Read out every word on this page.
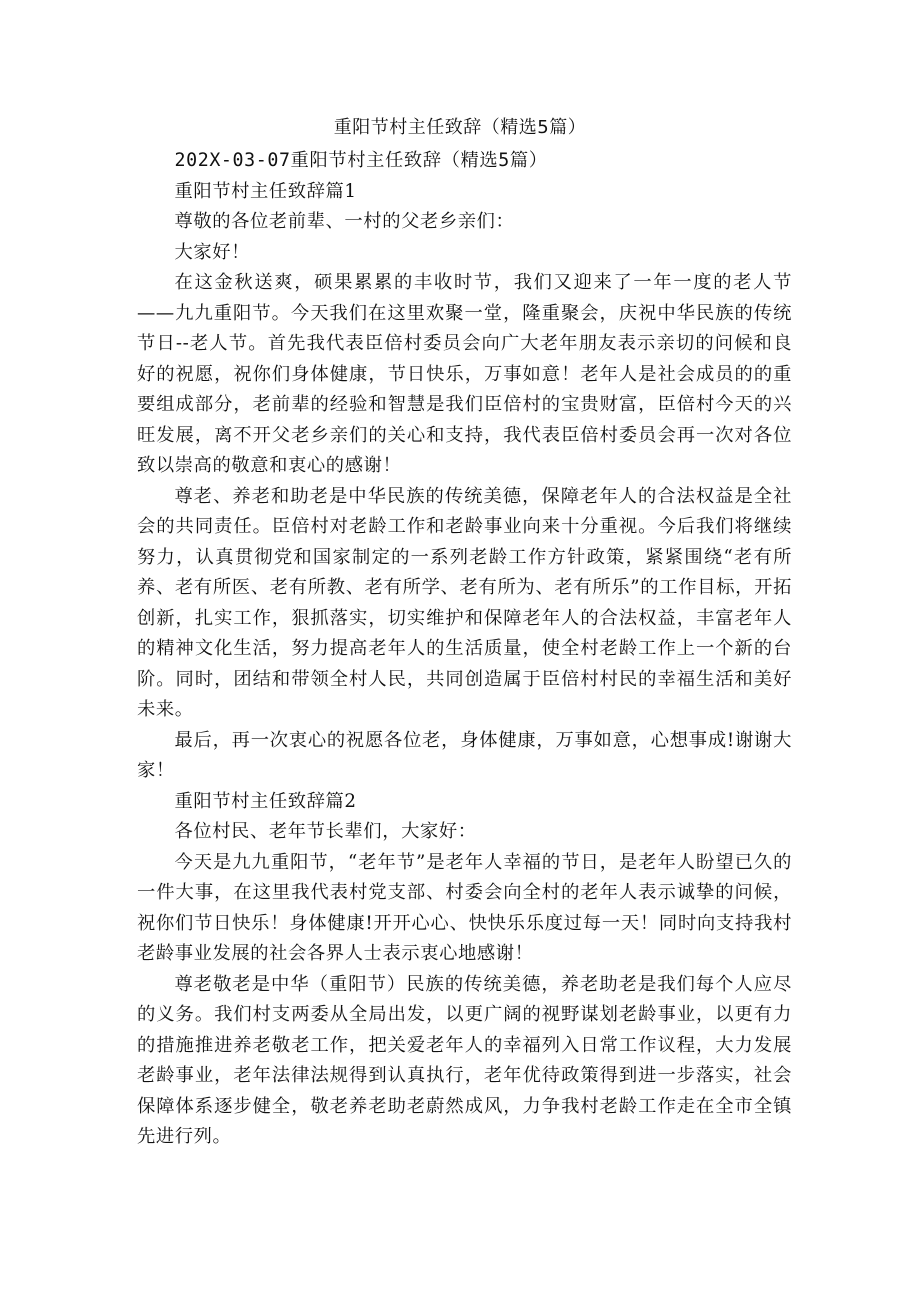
重阳节村主任致辞（精选5篇）

202X-03-07重阳节村主任致辞（精选5篇）

重阳节村主任致辞篇1

尊敬的各位老前辈、一村的父老乡亲们：

大家好！

在这金秋送爽，硕果累累的丰收时节，我们又迎来了一年一度的老人节——九九重阳节。今天我们在这里欢聚一堂，隆重聚会，庆祝中华民族的传统节日--老人节。首先我代表臣倍村委员会向广大老年朋友表示亲切的问候和良好的祝愿，祝你们身体健康，节日快乐，万事如意！老年人是社会成员的的重要组成部分，老前辈的经验和智慧是我们臣倍村的宝贵财富，臣倍村今天的兴旺发展，离不开父老乡亲们的关心和支持，我代表臣倍村委员会再一次对各位致以崇高的敬意和衷心的感谢！

尊老、养老和助老是中华民族的传统美德，保障老年人的合法权益是全社会的共同责任。臣倍村对老龄工作和老龄事业向来十分重视。今后我们将继续努力，认真贯彻党和国家制定的一系列老龄工作方针政策，紧紧围绕“老有所养、老有所医、老有所教、老有所学、老有所为、老有所乐”的工作目标，开拓创新，扎实工作，狠抓落实，切实维护和保障老年人的合法权益，丰富老年人的精神文化生活，努力提高老年人的生活质量，使全村老龄工作上一个新的台阶。同时，团结和带领全村人民，共同创造属于臣倍村村民的幸福生活和美好未来。

最后，再一次衷心的祝愿各位老，身体健康，万事如意，心想事成!谢谢大家！

重阳节村主任致辞篇2

各位村民、老年节长辈们，大家好：

今天是九九重阳节，“老年节”是老年人幸福的节日，是老年人盼望已久的一件大事，在这里我代表村党支部、村委会向全村的老年人表示诚挚的问候，祝你们节日快乐！身体健康!开开心心、快快乐乐度过每一天！同时向支持我村老龄事业发展的社会各界人士表示衷心地感谢！

尊老敬老是中华（重阳节）民族的传统美德，养老助老是我们每个人应尽的义务。我们村支两委从全局出发，以更广阔的视野谋划老龄事业，以更有力的措施推进养老敬老工作，把关爱老年人的幸福列入日常工作议程，大力发展老龄事业，老年法律法规得到认真执行，老年优待政策得到进一步落实，社会保障体系逐步健全，敬老养老助老蔚然成风，力争我村老龄工作走在全市全镇先进行列。
